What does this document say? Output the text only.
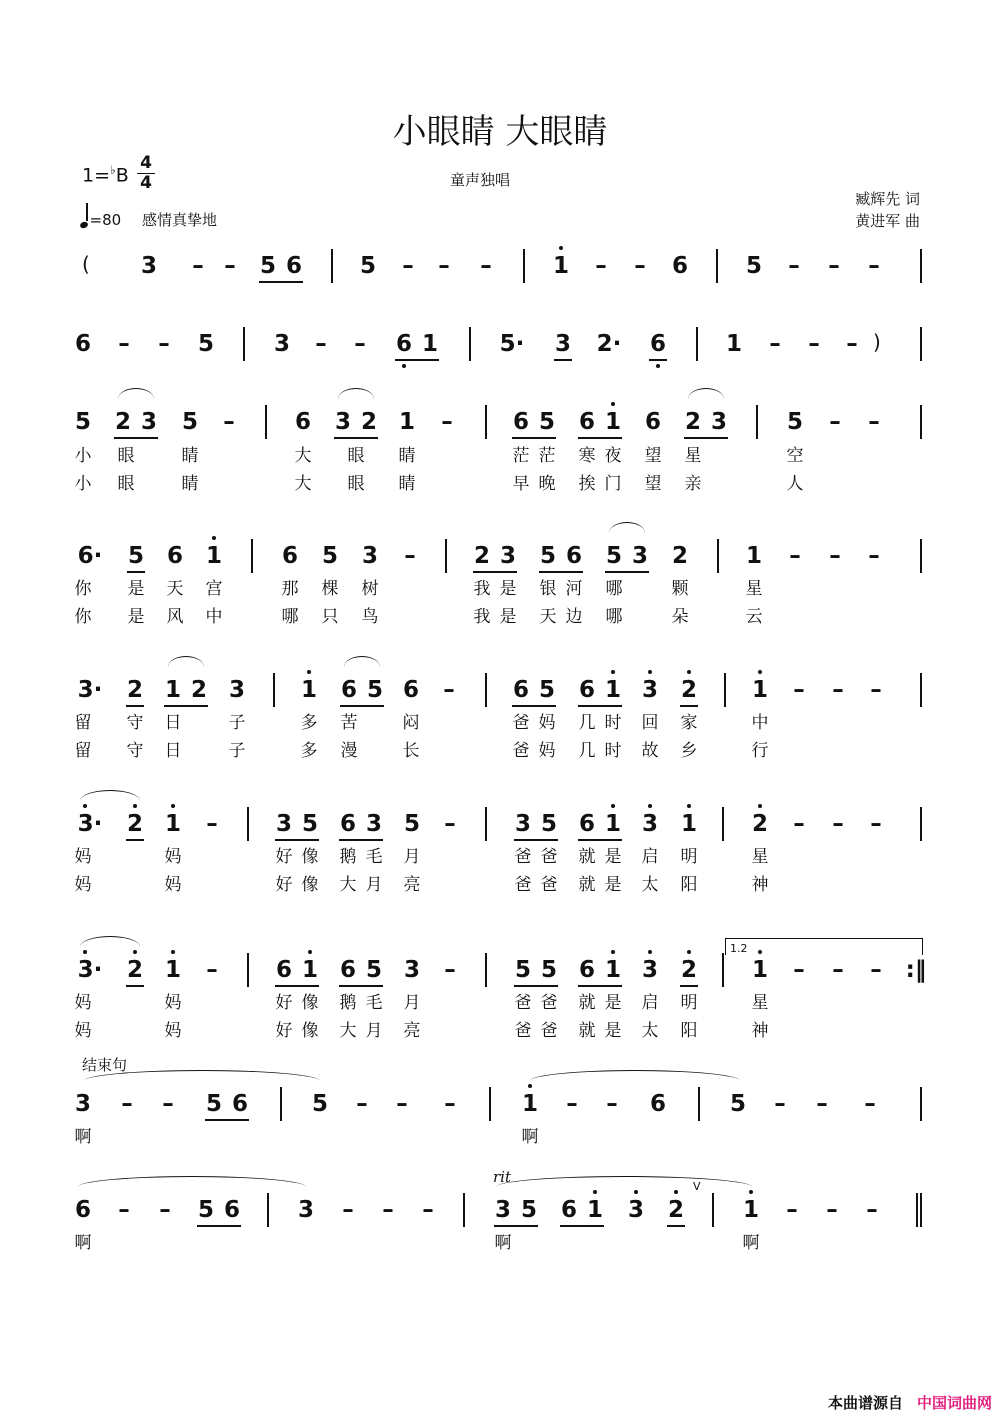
小眼睛 大眼睛
1=♭B
4
4
=80 感情真挚地
童声独唱
臧辉先 词
黄进军 曲
( 3 – – 5 6	5 – – –	1 – – 6	5 – – –
6 – – 5	3 – – 6 1	5· 3 2· 6	1 – – – )
5 2 3 5 –	6 3 2 1 –	6 5 6 1 6 2 3	5 – –
6· 5 6 1	6 5 3 –	2 3 5 6 5 3 2	1 – – –
3· 2 1 2 3 1 6 5 6 –	6 5 6 1 3 2 1 – – –
3· 2 1 –	3 5 6 3 5 –	3 5 6 1 3 1 2 – – –
3· 2 1 –	6 1 6 5 3 –	5 5 6 1 3 2 1 – – – :‖
3 – – 5 6	5 – – –	1 – – 6	5 – – –
6 – – 5 6	3 – – –	3 5 6 1 3 2	1 – – –
小 眼	睛	大 眼 睛	茫 茫 寒 夜 望 星	空
小 眼	睛	大 眼 睛	早 晚 挨 门 望 亲	人
你 是 天 宫	那 棵 树	我 是 银 河 哪	颗	星
你 是 风 中	哪 只 鸟	我 是 天 边 哪	朵	云
留 守 日	子	多 苦	闷	爸 妈 几 时 回 家	中
留 守 日	子	多 漫	长	爸 妈 几 时 故 乡	行
妈	妈	好 像 鹅 毛 月	爸 爸 就 是 启 明	星
妈	妈	好 像 大 月 亮	爸 爸 就 是 太 阳	神
妈	妈	好 像 鹅 毛 月	爸 爸 就 是 启 明	星
妈	妈	好 像 大 月 亮	爸 爸 就 是 太 阳	神
啊	啊
啊	啊	啊
结束句
rit
V
1.2
本曲谱源自 中国词曲网
